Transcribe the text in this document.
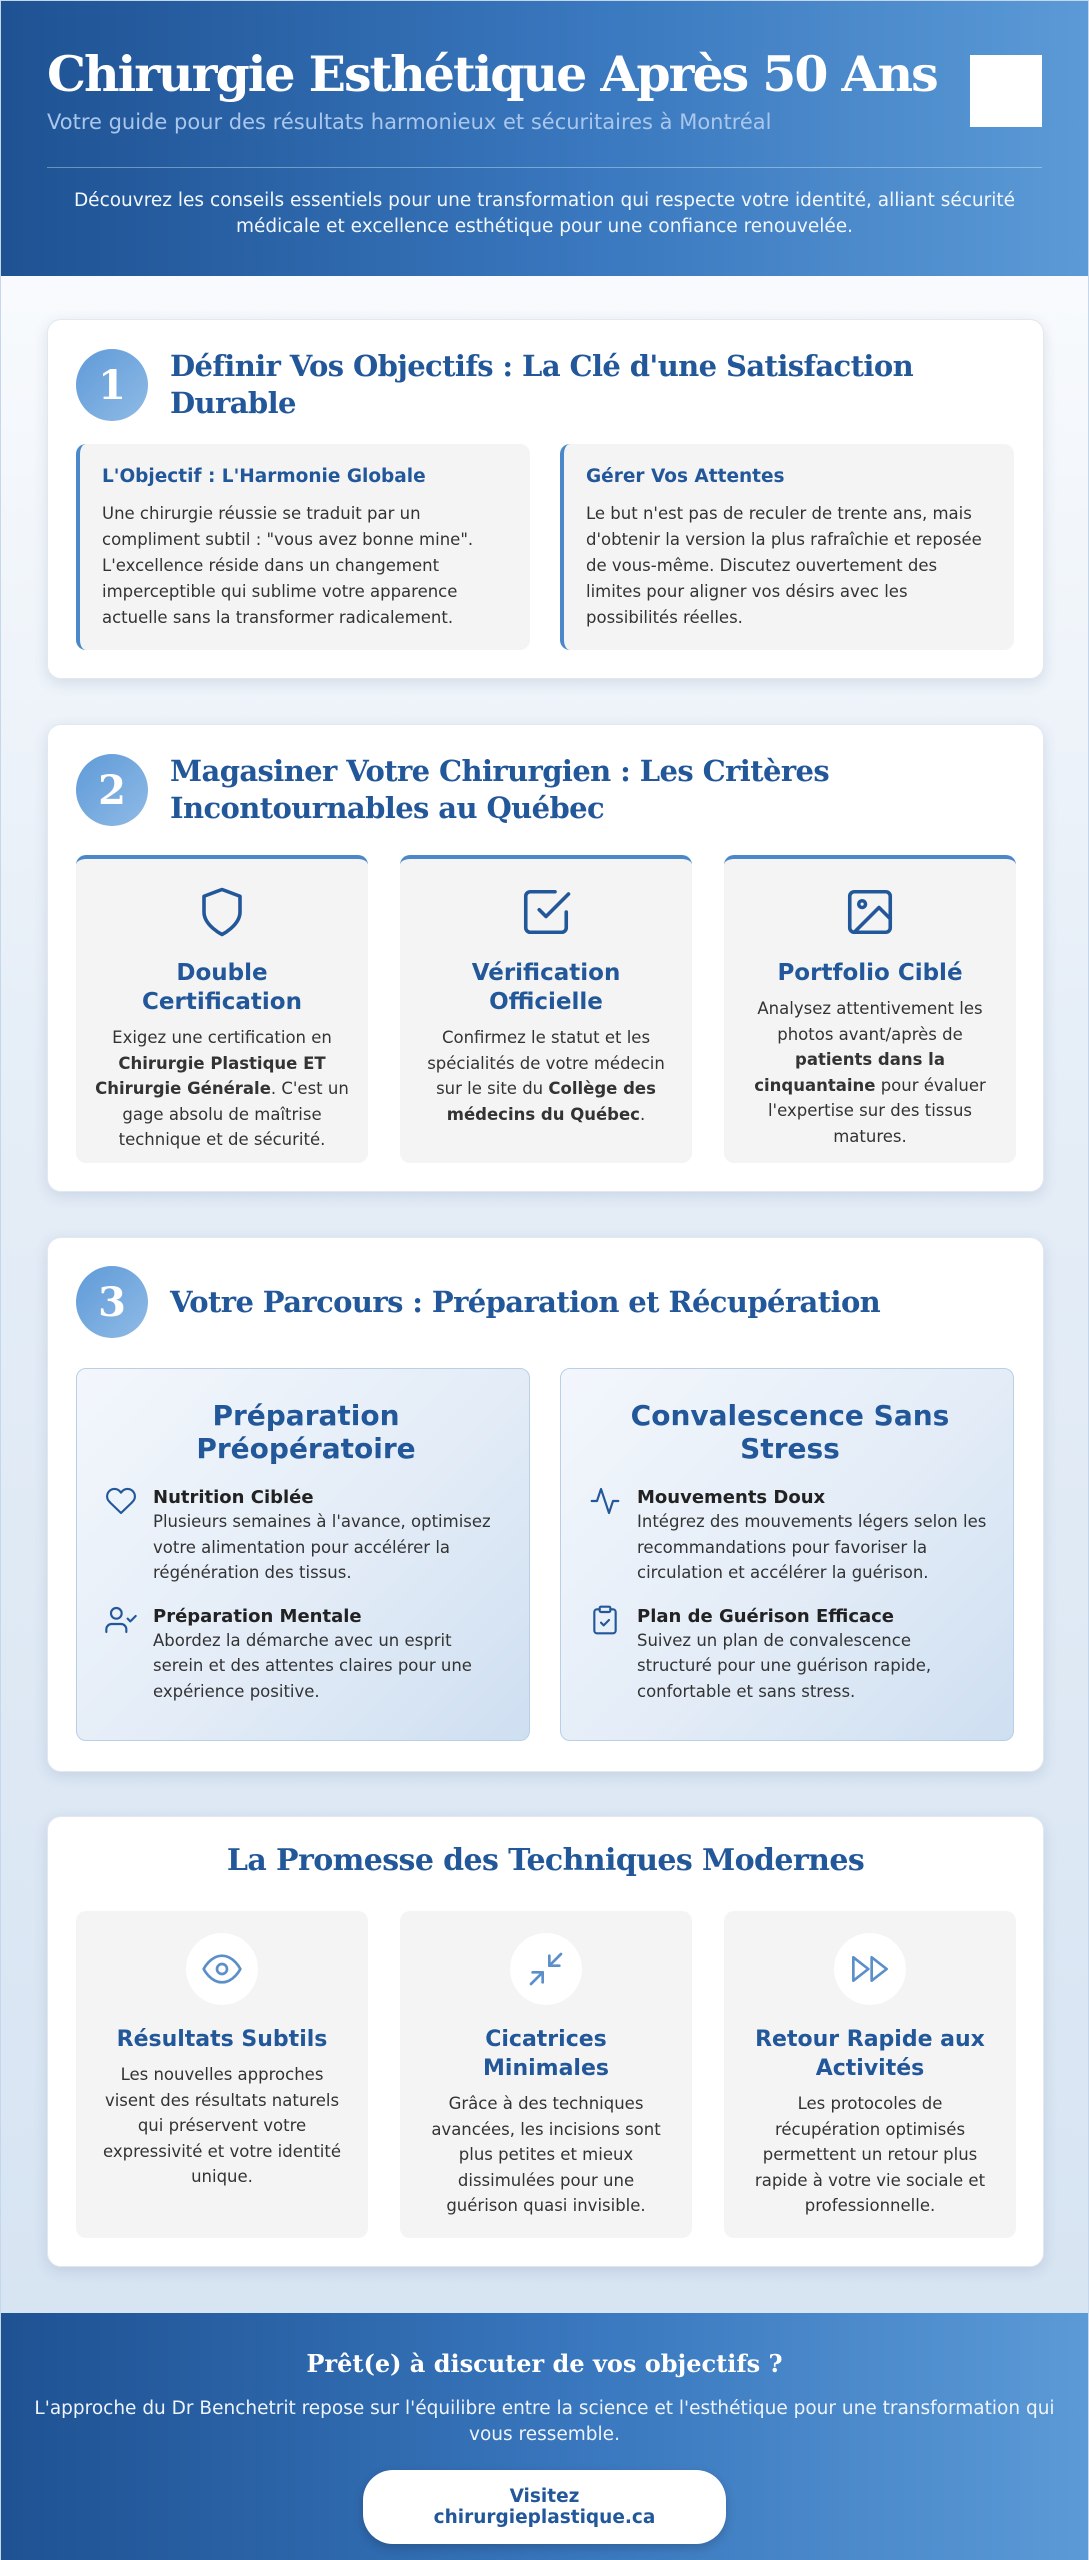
Chirurgie Esthétique Après 50 Ans
Votre guide pour des résultats harmonieux et sécuritaires à Montréal

Découvrez les conseils essentiels pour une transformation qui respecte votre identité, alliant sécurité médicale et excellence esthétique pour une confiance renouvelée.

1	Définir Vos Objectifs : La Clé d'une Satisfaction Durable
L'Objectif : L'Harmonie Globale

Une chirurgie réussie se traduit par un compliment subtil : "vous avez bonne mine". L'excellence réside dans un changement imperceptible qui sublime votre apparence actuelle sans la transformer radicalement.

Gérer Vos Attentes

Le but n'est pas de reculer de trente ans, mais d'obtenir la version la plus rafraîchie et reposée de vous-même. Discutez ouvertement des limites pour aligner vos désirs avec les possibilités réelles.

2	Magasiner Votre Chirurgien : Les Critères Incontournables au Québec
Double Certification

Exigez une certification en Chirurgie Plastique ET Chirurgie Générale. C'est un gage absolu de maîtrise technique et de sécurité.

Vérification Officielle

Confirmez le statut et les spécialités de votre médecin sur le site du Collège des médecins du Québec.

Portfolio Ciblé

Analysez attentivement les photos avant/après de patients dans la cinquantaine pour évaluer l'expertise sur des tissus matures.

3	Votre Parcours : Préparation et Récupération
Préparation Préopératoire
Nutrition Ciblée

Plusieurs semaines à l'avance, optimisez votre alimentation pour accélérer la régénération des tissus.

Préparation Mentale

Abordez la démarche avec un esprit serein et des attentes claires pour une expérience positive.

Convalescence Sans Stress
Mouvements Doux

Intégrez des mouvements légers selon les recommandations pour favoriser la circulation et accélérer la guérison.

Plan de Guérison Efficace

Suivez un plan de convalescence structuré pour une guérison rapide, confortable et sans stress.

La Promesse des Techniques Modernes
Résultats Subtils

Les nouvelles approches visent des résultats naturels qui préservent votre expressivité et votre identité unique.

Cicatrices Minimales

Grâce à des techniques avancées, les incisions sont plus petites et mieux dissimulées pour une guérison quasi invisible.

Retour Rapide aux Activités

Les protocoles de récupération optimisés permettent un retour plus rapide à votre vie sociale et professionnelle.

Prêt(e) à discuter de vos objectifs ?

L'approche du Dr Benchetrit repose sur l'équilibre entre la science et l'esthétique pour une transformation qui vous ressemble.

Visitez chirurgieplastique.ca
